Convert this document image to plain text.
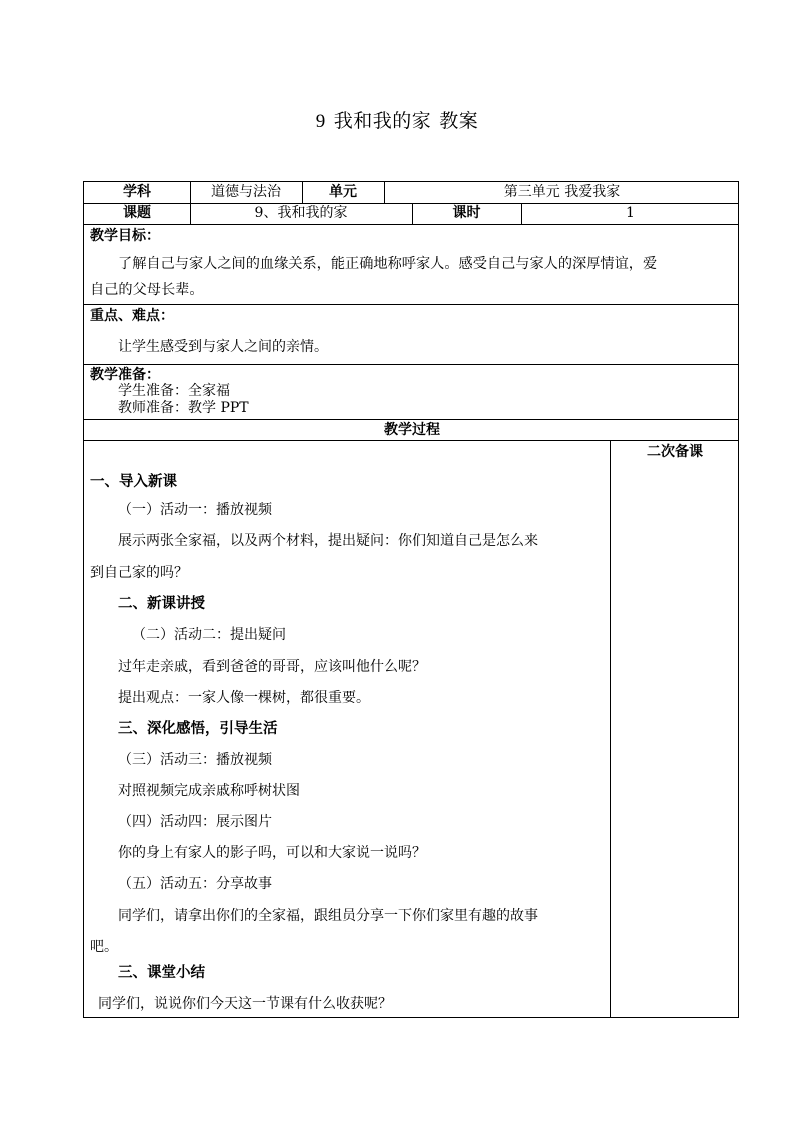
9 我和我的家 教案
学科	道德与法治	单元	第三单元 我爱我家
课题	9、我和我的家	课时	1
教学目标：
了解自己与家人之间的血缘关系，能正确地称呼家人。感受自己与家人的深厚情谊，爱
自己的父母长辈。
重点、难点：
让学生感受到与家人之间的亲情。
教学准备：
学生准备：全家福
教师准备：教学 PPT
教学过程
二次备课
一、导入新课
（一）活动一：播放视频
展示两张全家福，以及两个材料，提出疑问：你们知道自己是怎么来
到自己家的吗？
二、新课讲授
（二）活动二：提出疑问
过年走亲戚，看到爸爸的哥哥，应该叫他什么呢？
提出观点：一家人像一棵树，都很重要。
三、深化感悟，引导生活
（三）活动三：播放视频
对照视频完成亲戚称呼树状图
（四）活动四：展示图片
你的身上有家人的影子吗，可以和大家说一说吗？
（五）活动五：分享故事
同学们，请拿出你们的全家福，跟组员分享一下你们家里有趣的故事
吧。
三、课堂小结
同学们，说说你们今天这一节课有什么收获呢？
